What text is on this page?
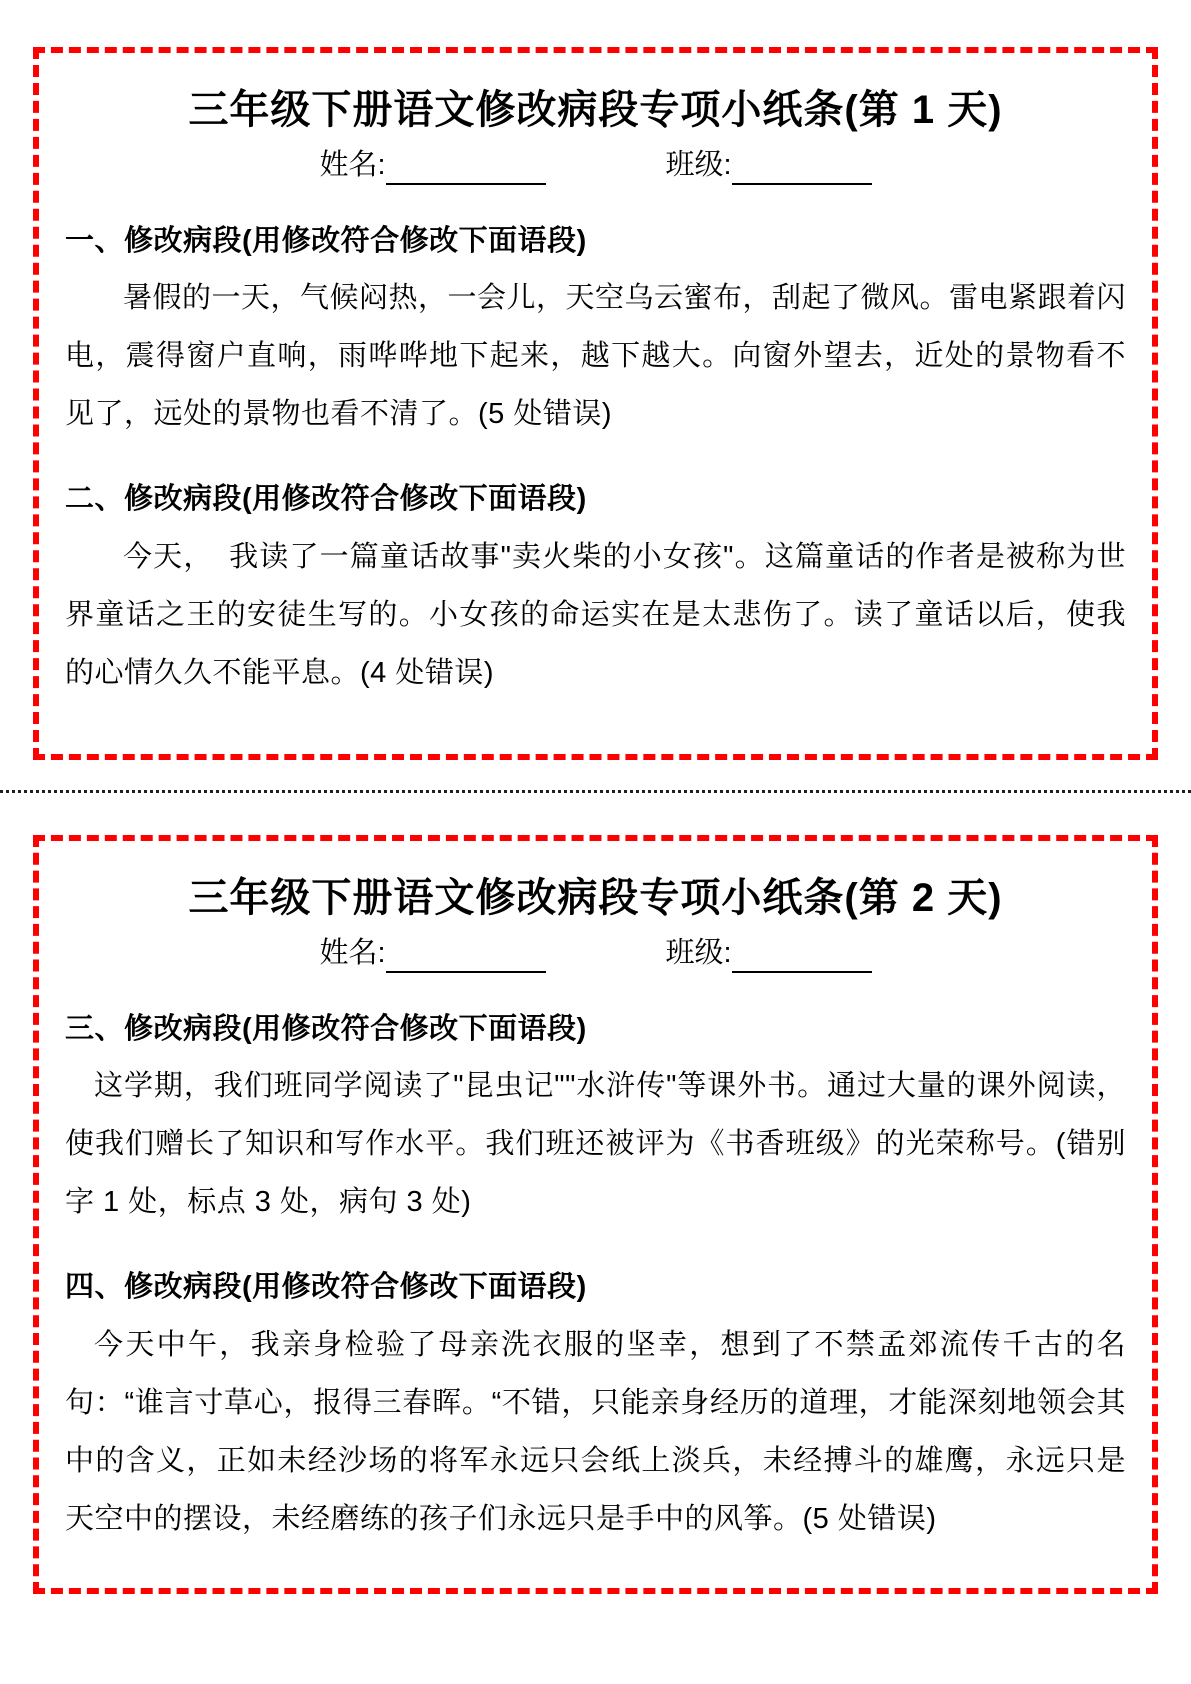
三年级下册语文修改病段专项小纸条(第 1 天)
姓名:	班级:
一、修改病段(用修改符合修改下面语段)

暑假的一天，气候闷热，一会儿，天空乌云蜜布，刮起了微风。雷电紧跟着闪电，震得窗户直响，雨哗哗地下起来，越下越大。向窗外望去，近处的景物看不见了，远处的景物也看不清了。(5 处错误)

二、修改病段(用修改符合修改下面语段)

今天，　我读了一篇童话故事"卖火柴的小女孩"。这篇童话的作者是被称为世界童话之王的安徒生写的。小女孩的命运实在是太悲伤了。读了童话以后，使我的心情久久不能平息。(4 处错误)

三年级下册语文修改病段专项小纸条(第 2 天)
姓名:	班级:
三、修改病段(用修改符合修改下面语段)

这学期，我们班同学阅读了"昆虫记""水浒传"等课外书。通过大量的课外阅读，使我们赠长了知识和写作水平。我们班还被评为《书香班级》的光荣称号。(错别字 1 处，标点 3 处，病句 3 处)

四、修改病段(用修改符合修改下面语段)

今天中午，我亲身检验了母亲洗衣服的坚幸，想到了不禁孟郊流传千古的名句：“谁言寸草心，报得三春晖。“不错，只能亲身经历的道理，才能深刻地领会其中的含义，正如未经沙场的将军永远只会纸上淡兵，未经搏斗的雄鹰，永远只是天空中的摆设，未经磨练的孩子们永远只是手中的风筝。(5 处错误)
